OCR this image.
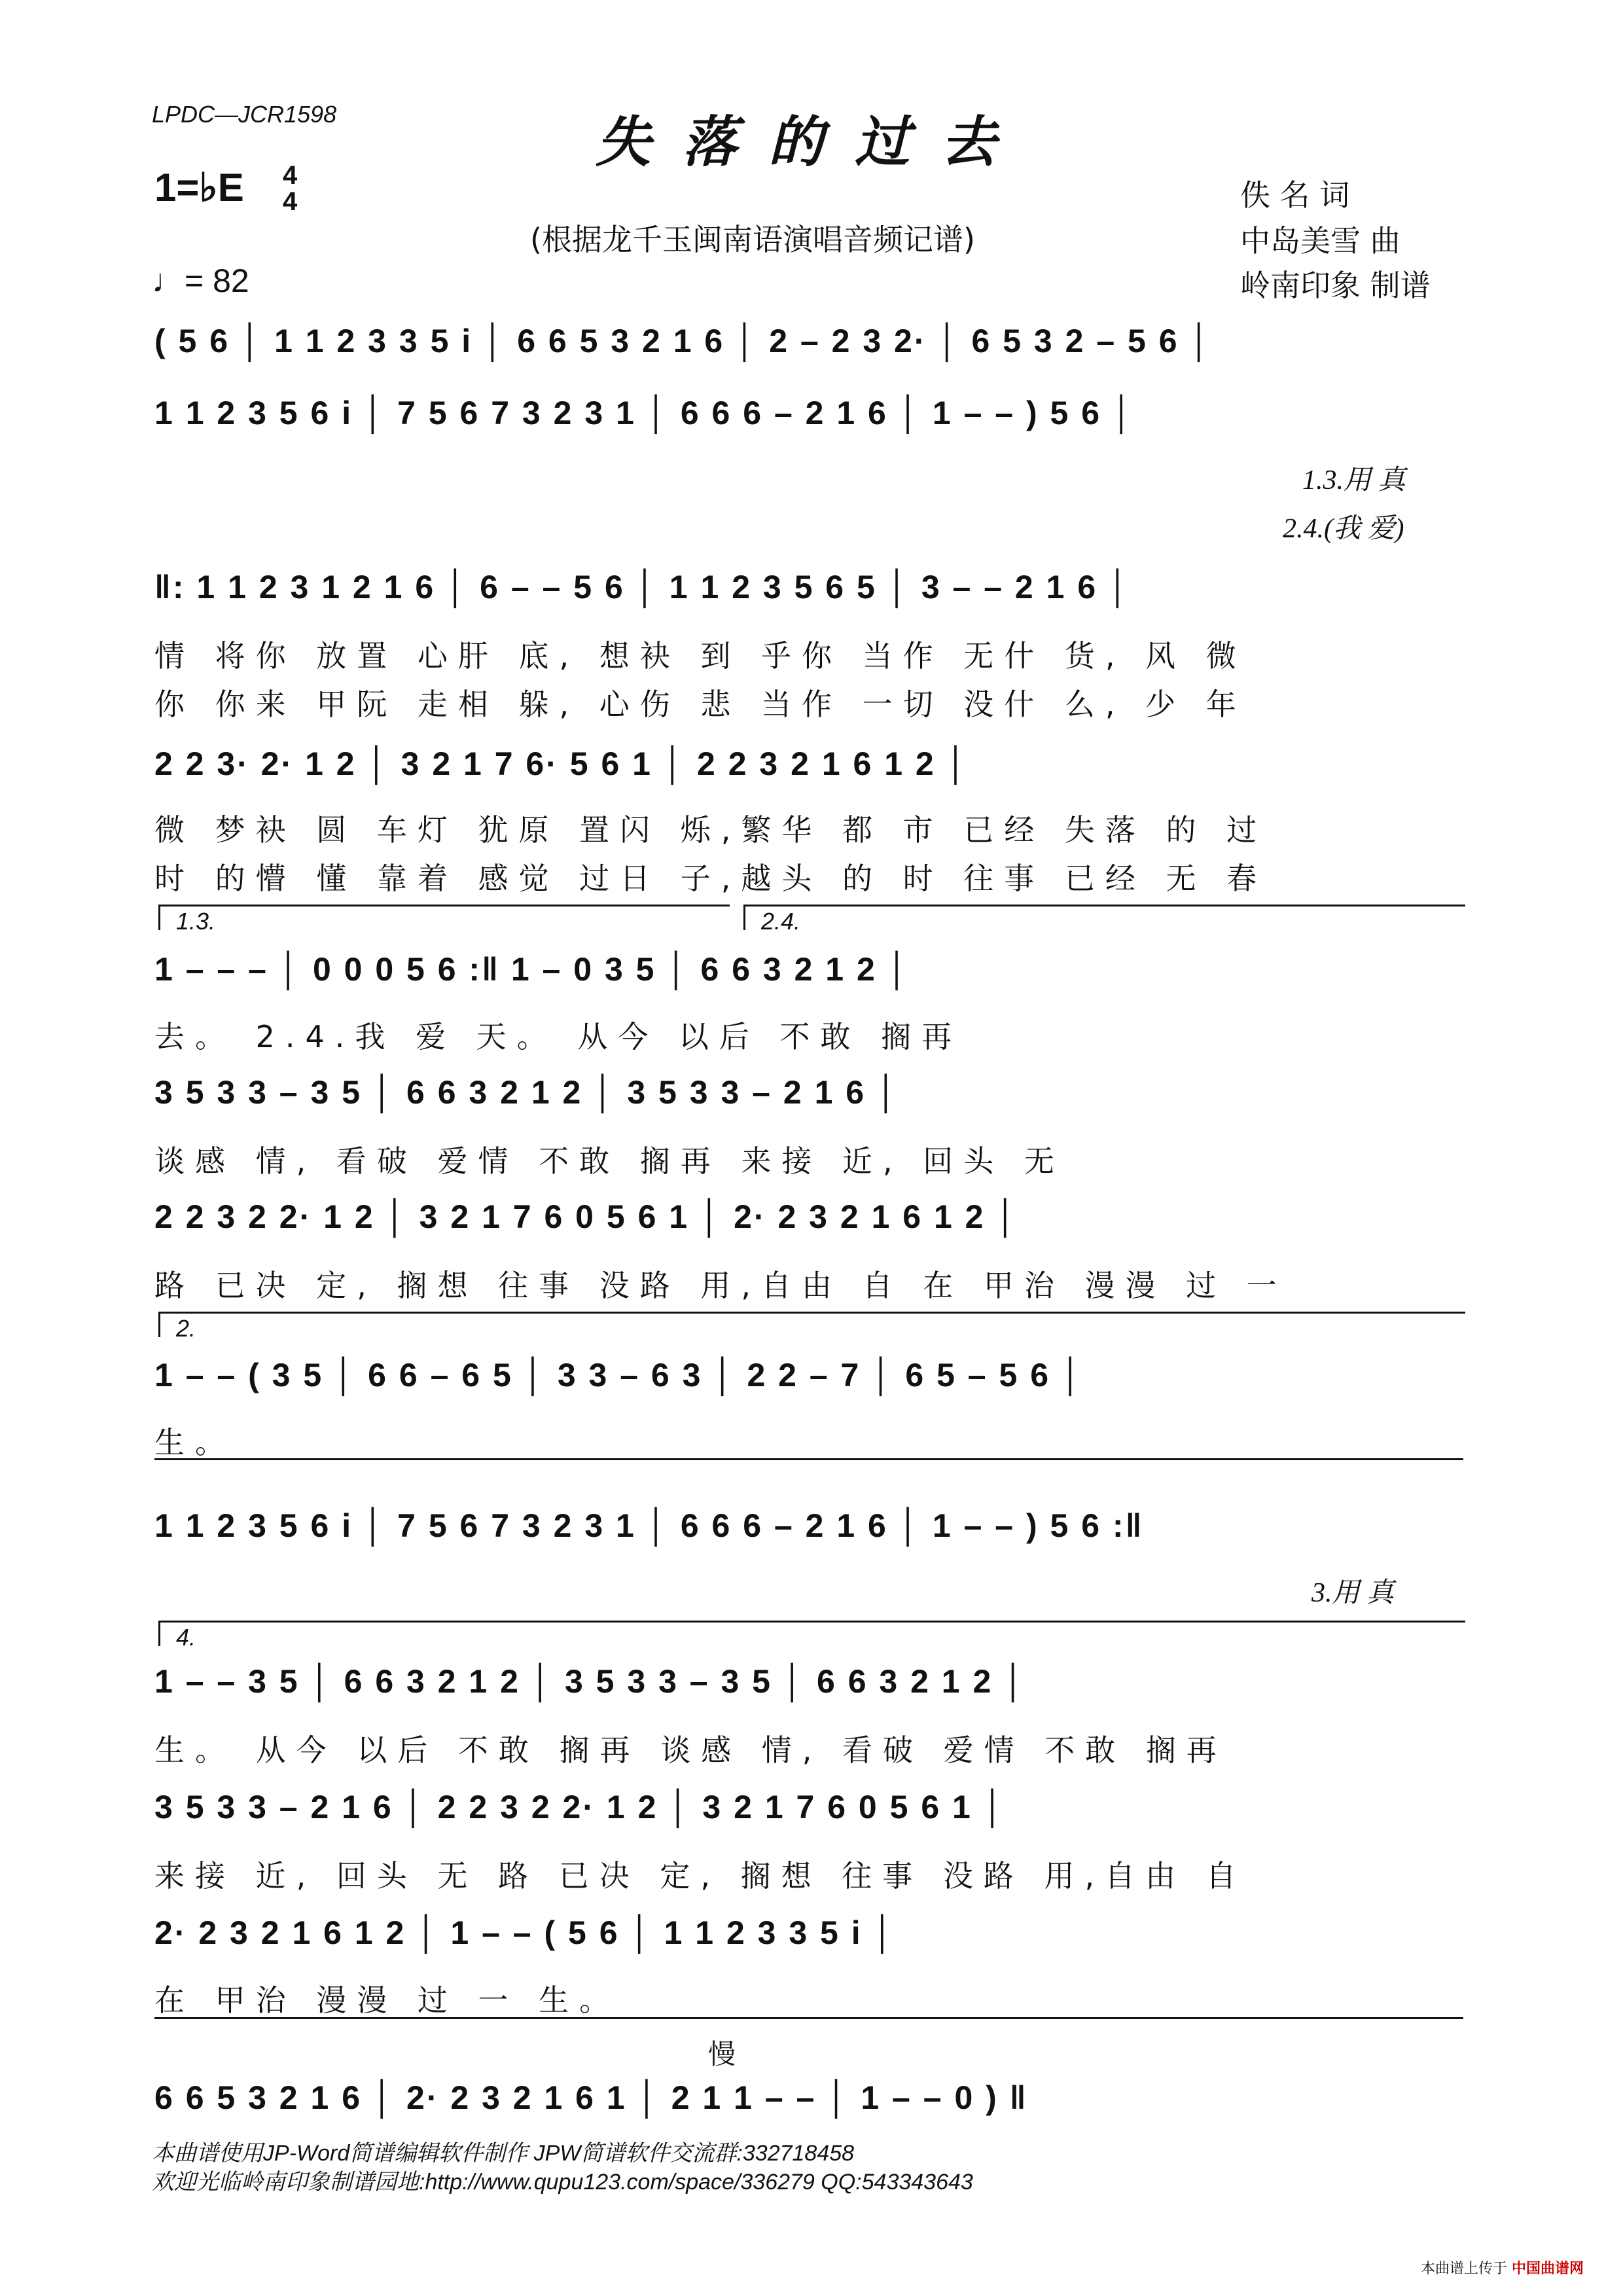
LPDC—JCR1598	失落的过去
1=♭E 4
4
(根据龙千玉闽南语演唱音频记谱)
佚 名 词
中岛美雪 曲
岭南印象 制谱
♩= 82
( 5 6 │ 1 1 2 3 3 5 i │ 6 6 5 3 2 1 6 │ 2 – 2 3 2· │ 6 5 3 2 – 5 6 │
1 1 2 3 5 6 i │ 7 5 6 7 3 2 3 1 │ 6 6 6 – 2 1 6 │ 1 – – ) 5 6 │
1.3.用 真
2.4.(我 爱)
‖: 1 1 2 3 1 2 1 6 │ 6 – – 5 6 │ 1 1 2 3 5 6 5 │ 3 – – 2 1 6 │
情 将你 放置 心肝 底, 想袂 到 乎你 当作 无什 货, 风 微
你 你来 甲阮 走相 躲, 心伤 悲 当作 一切 没什 么, 少 年
2 2 3· 2· 1 2 │ 3 2 1 7 6· 5 6 1 │ 2 2 3 2 1 6 1 2 │
微 梦袂 圆 车灯 犹原 置闪 烁,繁华 都 市 已经 失落 的 过
时 的懵 懂 靠着 感觉 过日 子,越头 的 时 往事 已经 无 春
1.3.	2.4.
1 – – – │ 0 0 0 5 6 :‖ 1 – 0 3 5 │ 6 6 3 2 1 2 │
去。 2.4.我 爱 天。 从今 以后 不敢 搁再
3 5 3 3 – 3 5 │ 6 6 3 2 1 2 │ 3 5 3 3 – 2 1 6 │
谈感 情, 看破 爱情 不敢 搁再 来接 近, 回头 无
2 2 3 2 2· 1 2 │ 3 2 1 7 6 0 5 6 1 │ 2· 2 3 2 1 6 1 2 │
路 已决 定, 搁想 往事 没路 用,自由 自 在 甲治 漫漫 过 一
2.
1 – – ( 3 5 │ 6 6 – 6 5 │ 3 3 – 6 3 │ 2 2 – 7 │ 6 5 – 5 6 │
生。
1 1 2 3 5 6 i │ 7 5 6 7 3 2 3 1 │ 6 6 6 – 2 1 6 │ 1 – – ) 5 6 :‖
3.用 真
4.
1 – – 3 5 │ 6 6 3 2 1 2 │ 3 5 3 3 – 3 5 │ 6 6 3 2 1 2 │
生。 从今 以后 不敢 搁再 谈感 情, 看破 爱情 不敢 搁再
3 5 3 3 – 2 1 6 │ 2 2 3 2 2· 1 2 │ 3 2 1 7 6 0 5 6 1 │
来接 近, 回头 无 路 已决 定, 搁想 往事 没路 用,自由 自
2· 2 3 2 1 6 1 2 │ 1 – – ( 5 6 │ 1 1 2 3 3 5 i │
在 甲治 漫漫 过 一 生。
慢
6 6 5 3 2 1 6 │ 2· 2 3 2 1 6 1 │ 2 1 1 – – │ 1 – – 0 ) ‖
本曲谱使用JP-Word简谱编辑软件制作 JPW简谱软件交流群:332718458
欢迎光临岭南印象制谱园地:http://www.qupu123.com/space/336279 QQ:543343643
本曲谱上传于 中国曲谱网
